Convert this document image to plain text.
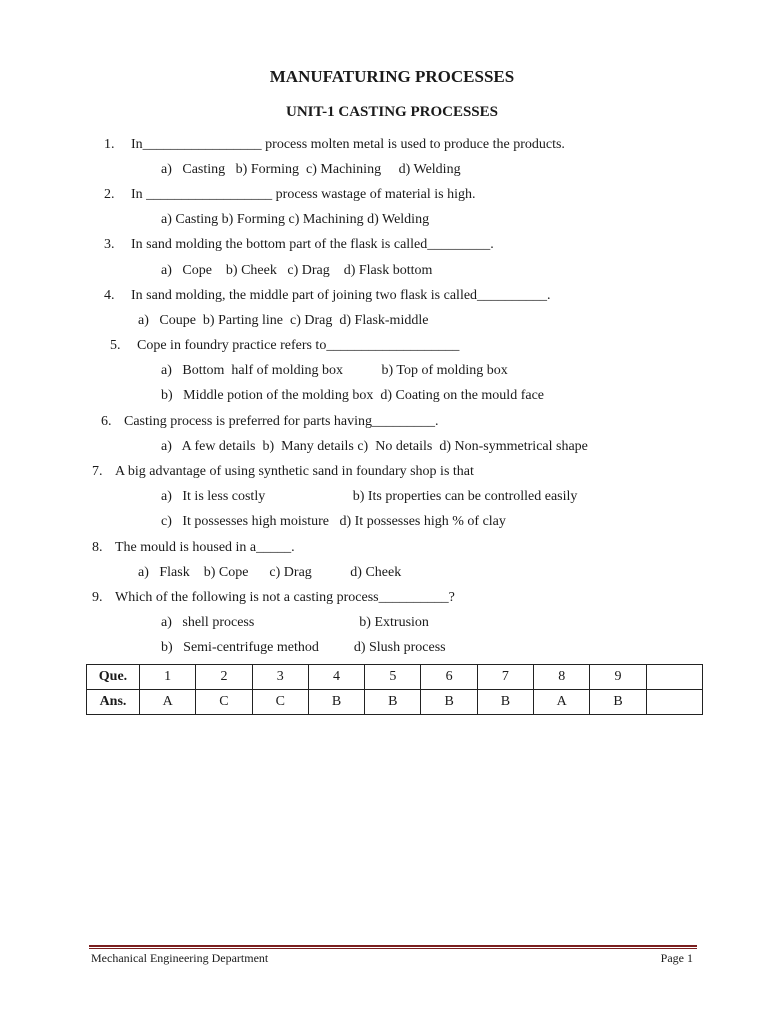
MANUFATURING PROCESSES
UNIT-1 CASTING PROCESSES
1. In_________________ process molten metal is used to produce the products.
a)   Casting   b) Forming  c) Machining     d) Welding
2. In __________________ process wastage of material is high.
a) Casting b) Forming c) Machining d) Welding
3. In sand molding the bottom part of the flask is called_________.
a)   Cope    b) Cheek   c) Drag    d) Flask bottom
4. In sand molding, the middle part of joining two flask is called__________.
a)   Coupe  b) Parting line  c) Drag  d) Flask-middle
5. Cope in foundry practice refers to___________________
a)   Bottom  half of molding box           b) Top of molding box
b)   Middle potion of the molding box  d) Coating on the mould face
6. Casting process is preferred for parts having_________.
a)   A few details  b)  Many details c)  No details  d) Non-symmetrical shape
7. A big advantage of using synthetic sand in foundary shop is that
a)   It is less costly                         b) Its properties can be controlled easily
c)   It possesses high moisture   d) It possesses high % of clay
8. The mould is housed in a_____.
a)   Flask    b) Cope      c) Drag           d) Cheek
9. Which of the following is not a casting process__________?
a)   shell process                              b) Extrusion
b)   Semi-centrifuge method          d) Slush process
Que.	1	2	3	4	5	6	7	8	9	
Ans.	A	C	C	B	B	B	B	A	B	
Mechanical Engineering Department	Page 1
